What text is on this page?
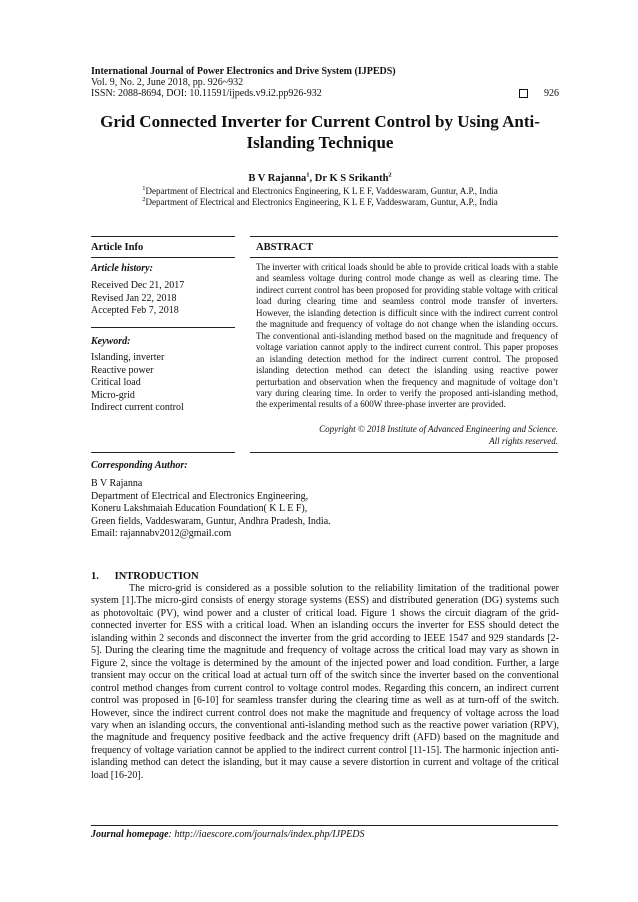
International Journal of Power Electronics and Drive System (IJPEDS)
Vol. 9, No. 2, June 2018, pp. 926~932
ISSN: 2088-8694, DOI: 10.11591/ijpeds.v9.i2.pp926-932	926
Grid Connected Inverter for Current Control by Using Anti-Islanding Technique
B V Rajanna$^1$, Dr K S Srikanth$^2$
$^1$Department of Electrical and Electronics Engineering, K L E F, Vaddeswaram, Guntur, A.P., India
$^2$Department of Electrical and Electronics Engineering, K L E F, Vaddeswaram, Guntur, A.P., India
Article Info	ABSTRACT
Article history:
Received Dec 21, 2017
Revised Jan 22, 2018
Accepted Feb 7, 2018
Keyword:
Islanding, inverter
Reactive power
Critical load
Micro-grid
Indirect current control
The inverter with critical loads should be able to provide critical loads with a stable and seamless voltage during control mode change as well as clearing time. The indirect current control has been proposed for providing stable voltage with critical load during clearing time and seamless control mode transfer of inverters. However, the islanding detection is difficult since with the indirect current control the magnitude and frequency of voltage do not change when the islanding occurs. The conventional anti-islanding method based on the magnitude and frequency of voltage variation cannot apply to the indirect current control. This paper proposes an islanding detection method for the indirect current control. The proposed islanding detection method can detect the islanding using reactive power perturbation and observation when the frequency and magnitude of voltage don’t vary during clearing time. In order to verify the proposed anti-islanding method, the experimental results of a 600W three-phase inverter are provided.
Copyright © 2018 Institute of Advanced Engineering and Science.
All rights reserved.
Corresponding Author:
B V Rajanna
Department of Electrical and Electronics Engineering,
Koneru Lakshmaiah Education Foundation( K L E F),
Green fields, Vaddeswaram, Guntur, Andhra Pradesh, India.
Email: rajannabv2012@gmail.com
1.      INTRODUCTION
The micro-grid is considered as a possible solution to the reliability limitation of the traditional power system [1].The micro-gird consists of energy storage systems (ESS) and distributed generation (DG) systems such as photovoltaic (PV), wind power and a cluster of critical load. Figure 1 shows the circuit diagram of the grid-connected inverter for ESS with a critical load. When an islanding occurs the inverter for ESS should detect the islanding within 2 seconds and disconnect the inverter from the grid according to IEEE 1547 and 929 standards [2-5]. During the clearing time the magnitude and frequency of voltage across the critical load may vary as shown in Figure 2, since the voltage is determined by the amount of the injected power and load condition. Further, a large transient may occur on the critical load at actual turn off of the switch since the inverter based on the conventional control method changes from current control to voltage control modes. Regarding this concern, an indirect current control was proposed in [6-10] for seamless transfer during the clearing time as well as at turn-off of the switch. However, since the indirect current control does not make the magnitude and frequency of voltage across the load vary when an islanding occurs, the conventional anti-islanding method such as the reactive power variation (RPV), the magnitude and frequency positive feedback and the active frequency drift (AFD) based on the magnitude and frequency of voltage variation cannot be applied to the indirect current control [11-15]. The harmonic injection anti-islanding method can detect the islanding, but it may cause a severe distortion in current and voltage of the critical load [16-20].
Journal homepage: http://iaescore.com/journals/index.php/IJPEDS
